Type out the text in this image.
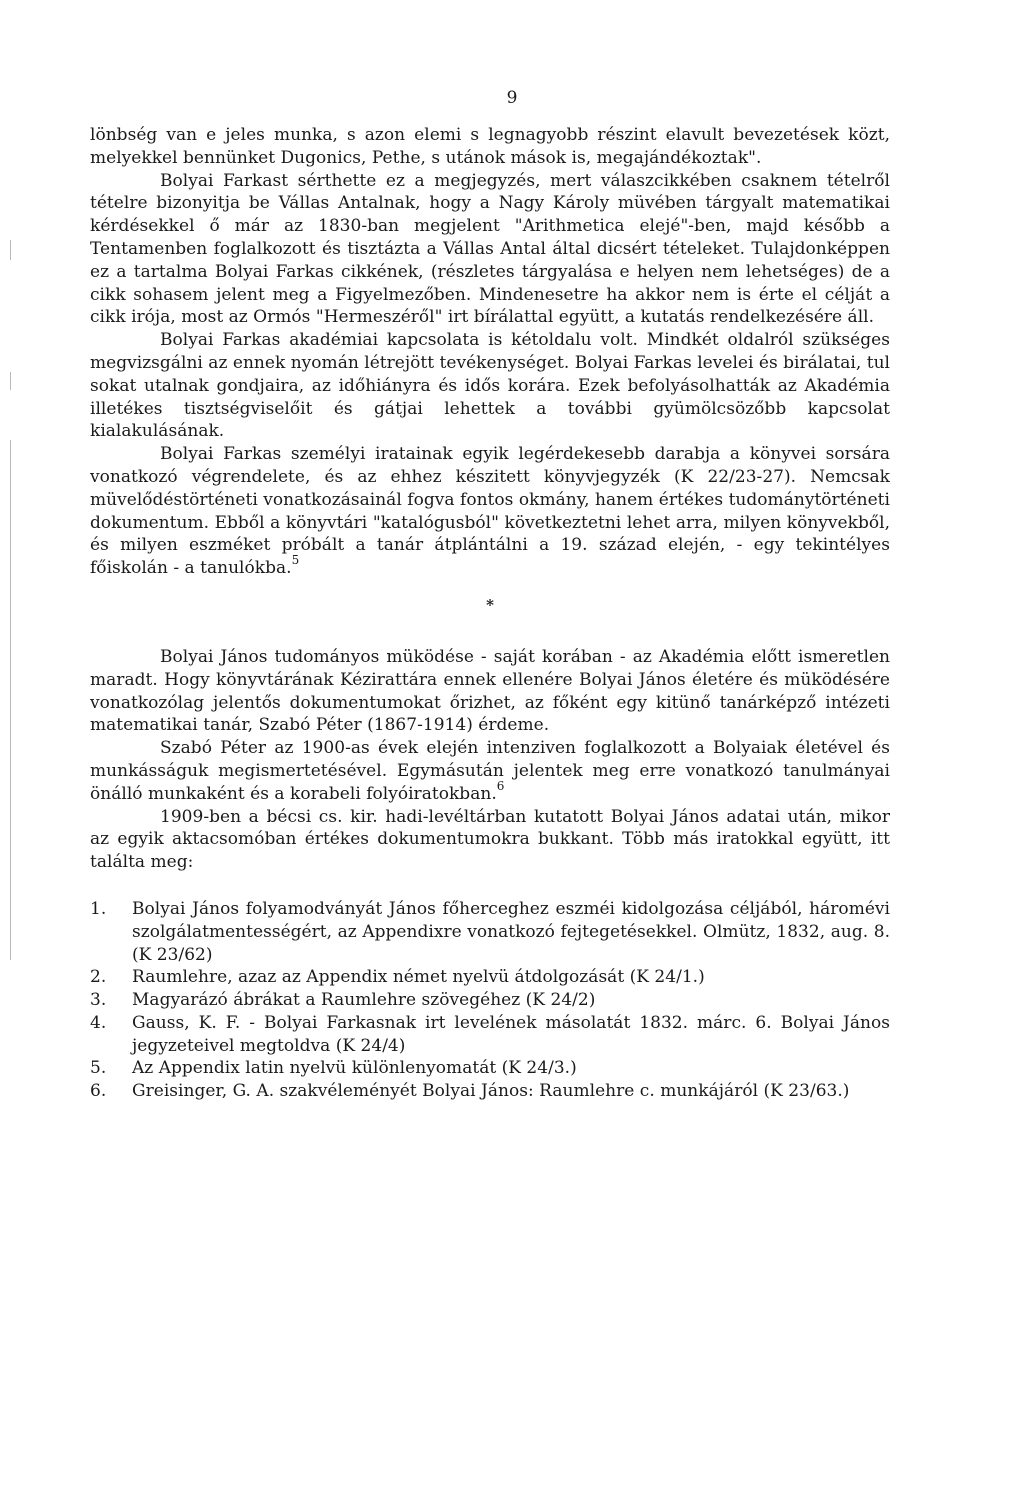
9

lönbség van e jeles munka, s azon elemi s legnagyobb részint elavult bevezetések közt, melyekkel bennünket Dugonics, Pethe, s utánok mások is, megajándékoztak".

Bolyai Farkast sérthette ez a megjegyzés, mert válaszcikkében csaknem tételről tételre bizonyitja be Vállas Antalnak, hogy a Nagy Károly müvében tárgyalt matematikai kérdésekkel ő már az 1830-ban megjelent "Arithmetica elejé"-ben, majd később a Tentamenben foglalkozott és tisztázta a Vállas Antal által dicsért tételeket. Tulajdonképpen ez a tartalma Bolyai Farkas cikkének, (részletes tárgyalása e helyen nem lehetséges) de a cikk sohasem jelent meg a Figyelmezőben. Mindenesetre ha akkor nem is érte el célját a cikk irója, most az Ormós "Hermeszéről" irt bírálattal együtt, a kutatás rendelkezésére áll.

Bolyai Farkas akadémiai kapcsolata is kétoldalu volt. Mindkét oldalról szükséges megvizsgálni az ennek nyomán létrejött tevékenységet. Bolyai Farkas levelei és birálatai, tul sokat utalnak gondjaira, az időhiányra és idős korára. Ezek befolyásolhatták az Akadémia illetékes tisztségviselőit és gátjai lehettek a további gyümölcsözőbb kapcsolat kialakulásának.

Bolyai Farkas személyi iratainak egyik legérdekesebb darabja a könyvei sorsára vonatkozó végrendelete, és az ehhez készitett könyvjegyzék (K 22/23-27). Nemcsak müvelődéstörténeti vonatkozásainál fogva fontos okmány, hanem értékes tudománytörténeti dokumentum. Ebből a könyvtári "katalógusból" következtetni lehet arra, milyen könyvekből, és milyen eszméket próbált a tanár átplántálni a 19. század elején, - egy tekintélyes főiskolán - a tanulókba.$^5$

*

Bolyai János tudományos müködése - saját korában - az Akadémia előtt ismeretlen maradt. Hogy könyvtárának Kézirattára ennek ellenére Bolyai János életére és müködésére vonatkozólag jelentős dokumentumokat őrizhet, az főként egy kitünő tanárképző intézeti matematikai tanár, Szabó Péter (1867-1914) érdeme.

Szabó Péter az 1900-as évek elején intenziven foglalkozott a Bolyaiak életével és munkásságuk megismertetésével. Egymásután jelentek meg erre vonatkozó tanulmányai önálló munkaként és a korabeli folyóiratokban.$^6$

1909-ben a bécsi cs. kir. hadi-levéltárban kutatott Bolyai János adatai után, mikor az egyik aktacsomóban értékes dokumentumokra bukkant. Több más iratokkal együtt, itt találta meg:

1.	Bolyai János folyamodványát János főherceghez eszméi kidolgozása céljából, háromévi szolgálatmentességért, az Appendixre vonatkozó fejtegetésekkel. Olmütz, 1832, aug. 8. (K 23/62)

2.	Raumlehre, azaz az Appendix német nyelvü átdolgozását (K 24/1.)

3.	Magyarázó ábrákat a Raumlehre szövegéhez (K 24/2)

4.	Gauss, K. F. - Bolyai Farkasnak irt levelének másolatát 1832. márc. 6. Bolyai János jegyzeteivel megtoldva (K 24/4)

5.	Az Appendix latin nyelvü különlenyomatát (K 24/3.)

6.	Greisinger, G. A. szakvéleményét Bolyai János: Raumlehre c. munkájáról (K 23/63.)
